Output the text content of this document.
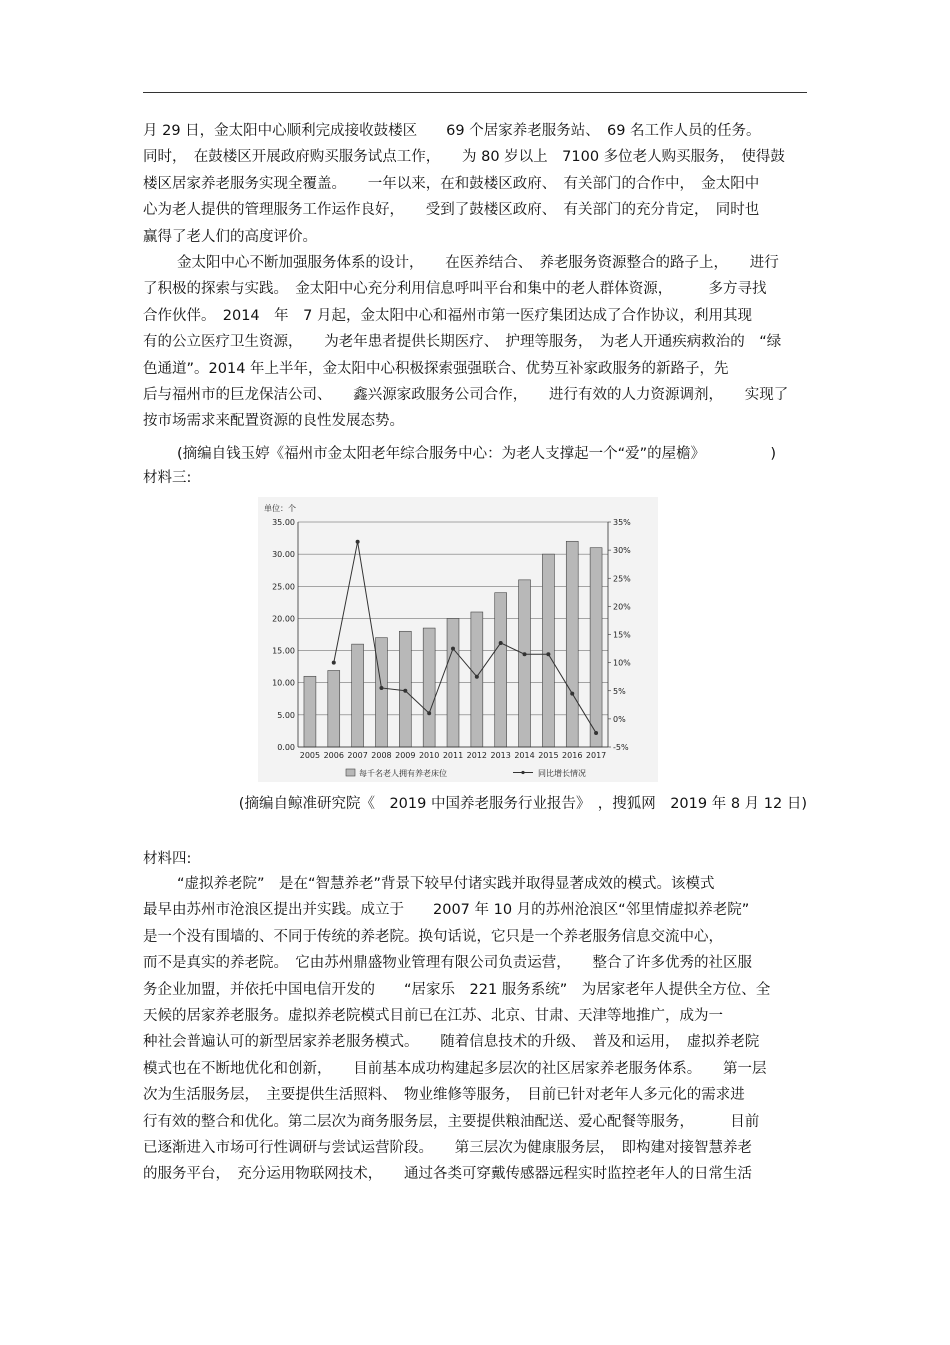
月 29 日，金太阳中心顺利完成接收鼓楼区　　69 个居家养老服务站、　69 名工作人员的任务。
同时，　在鼓楼区开展政府购买服务试点工作，　　为 80 岁以上　7100 多位老人购买服务，　使得鼓
楼区居家养老服务实现全覆盖。　　一年以来，在和鼓楼区政府、　有关部门的合作中，　金太阳中
心为老人提供的管理服务工作运作良好，　　受到了鼓楼区政府、　有关部门的充分肯定，　同时也
赢得了老人们的高度评价。
金太阳中心不断加强服务体系的设计，　　在医养结合、　养老服务资源整合的路子上，　　进行
了积极的探索与实践。　金太阳中心充分利用信息呼叫平台和集中的老人群体资源，　　　多方寻找
合作伙伴。　2014　年　7 月起，金太阳中心和福州市第一医疗集团达成了合作协议，利用其现
有的公立医疗卫生资源，　　为老年患者提供长期医疗、　护理等服务，　为老人开通疾病救治的　“绿
色通道”。2014 年上半年，金太阳中心积极探索强强联合、优势互补家政服务的新路子，先
后与福州市的巨龙保洁公司、　　鑫兴源家政服务公司合作，　　进行有效的人力资源调剂，　　实现了
按市场需求来配置资源的良性发展态势。
(摘编自钱玉婷《福州市金太阳老年综合服务中心：为老人支撑起一个“爱”的屋檐》　　　　　)

材料三:

单位：个
0.00
5.00
10.00
15.00
20.00
25.00
30.00
35.00
-5%
0%
5%
10%
15%
20%
25%
30%
35%
2005 2006 2007 2008 2009 2010 2011 2012 2013 2014 2015 2016 2017
每千名老人拥有养老床位	同比增长情况

(摘编自鲸准研究院《　2019 中国养老服务行业报告》　，搜狐网　2019 年 8 月 12 日)

材料四:

“虚拟养老院”　是在“智慧养老”背景下较早付诸实践并取得显著成效的模式。该模式
最早由苏州市沧浪区提出并实践。成立于　　2007 年 10 月的苏州沧浪区“邻里情虚拟养老院”
是一个没有围墙的、不同于传统的养老院。换句话说，它只是一个养老服务信息交流中心，
而不是真实的养老院。　它由苏州鼎盛物业管理有限公司负责运营，　　整合了许多优秀的社区服
务企业加盟，并依托中国电信开发的　　“居家乐　221 服务系统”　为居家老年人提供全方位、全
天候的居家养老服务。虚拟养老院模式目前已在江苏、北京、甘肃、天津等地推广，成为一
种社会普遍认可的新型居家养老服务模式。　　随着信息技术的升级、　普及和运用，　虚拟养老院
模式也在不断地优化和创新，　　目前基本成功构建起多层次的社区居家养老服务体系。　　第一层
次为生活服务层，　主要提供生活照料、　物业维修等服务，　目前已针对老年人多元化的需求进
行有效的整合和优化。第二层次为商务服务层，主要提供粮油配送、爱心配餐等服务，　　　目前
已逐渐进入市场可行性调研与尝试运营阶段。　　第三层次为健康服务层，　即构建对接智慧养老
的服务平台，　充分运用物联网技术，　　通过各类可穿戴传感器远程实时监控老年人的日常生活
